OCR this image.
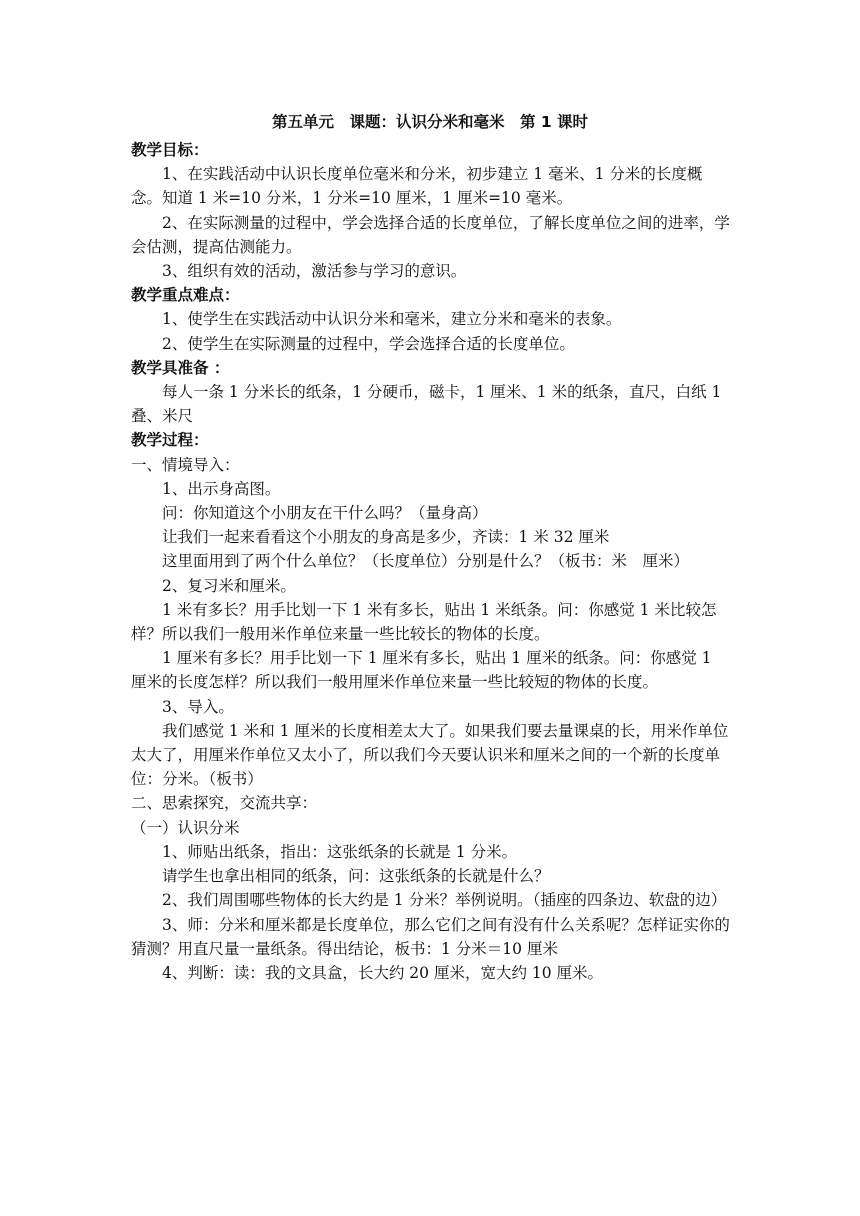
第五单元　课题：认识分米和毫米　第 1 课时

教学目标：

1、在实践活动中认识长度单位毫米和分米，初步建立 1 毫米、1 分米的长度概念。知道 1 米=10 分米，1 分米=10 厘米，1 厘米=10 毫米。

2、在实际测量的过程中，学会选择合适的长度单位，了解长度单位之间的进率，学会估测，提高估测能力。

3、组织有效的活动，激活参与学习的意识。

教学重点难点：

1、使学生在实践活动中认识分米和毫米，建立分米和毫米的表象。

2、使学生在实际测量的过程中，学会选择合适的长度单位。

教学具准备 ：

每人一条 1 分米长的纸条，1 分硬币，磁卡，1 厘米、1 米的纸条，直尺，白纸 1 叠、米尺

教学过程：

一、情境导入：

1、出示身高图。

问：你知道这个小朋友在干什么吗？（量身高）

让我们一起来看看这个小朋友的身高是多少，齐读：1 米 32 厘米

这里面用到了两个什么单位？（长度单位）分别是什么？（板书：米　厘米）

2、复习米和厘米。

1 米有多长？用手比划一下 1 米有多长，贴出 1 米纸条。问：你感觉 1 米比较怎样？所以我们一般用米作单位来量一些比较长的物体的长度。

1 厘米有多长？用手比划一下 1 厘米有多长，贴出 1 厘米的纸条。问：你感觉 1 厘米的长度怎样？所以我们一般用厘米作单位来量一些比较短的物体的长度。

3、导入。

我们感觉 1 米和 1 厘米的长度相差太大了。如果我们要去量课桌的长，用米作单位太大了，用厘米作单位又太小了，所以我们今天要认识米和厘米之间的一个新的长度单位：分米。（板书）

二、思索探究，交流共享：

（一）认识分米

1、师贴出纸条，指出：这张纸条的长就是 1 分米。

请学生也拿出相同的纸条，问：这张纸条的长就是什么？

2、我们周围哪些物体的长大约是 1 分米？举例说明。（插座的四条边、软盘的边）

3、师：分米和厘米都是长度单位，那么它们之间有没有什么关系呢？怎样证实你的猜测？用直尺量一量纸条。得出结论，板书：1 分米＝10 厘米

4、判断：读：我的文具盒，长大约 20 厘米，宽大约 10 厘米。
